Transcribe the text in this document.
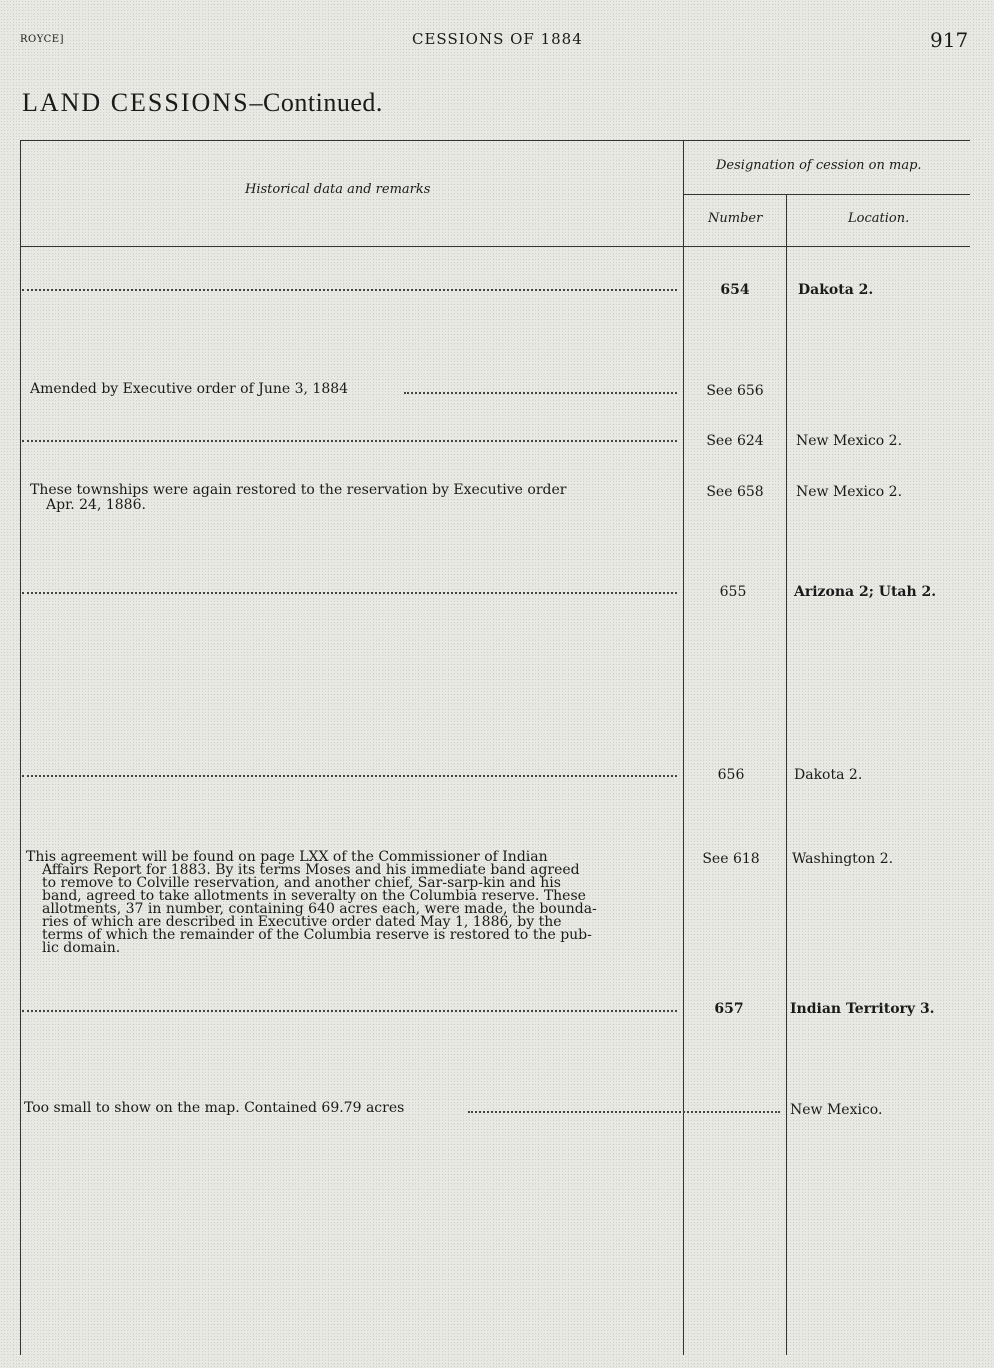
ROYCE]	CESSIONS OF 1884	917
LAND CESSIONS–Continued.
Historical data and remarks
Designation of cession on map.
Number	Location.
654	Dakota 2.
Amended by Executive order of June 3, 1884	See 656
See 624	New Mexico 2.
These townships were again restored to the reservation by Executive order
Apr. 24, 1886.
See 658	New Mexico 2.
655	Arizona 2; Utah 2.
656	Dakota 2.
This agreement will be found on page LXX of the Commissioner of Indian
Affairs Report for 1883. By its terms Moses and his immediate band agreed
to remove to Colville reservation, and another chief, Sar-sarp-kin and his
band, agreed to take allotments in severalty on the Columbia reserve. These
allotments, 37 in number, containing 640 acres each, were made, the bounda-
ries of which are described in Executive order dated May 1, 1886, by the
terms of which the remainder of the Columbia reserve is restored to the pub-
lic domain.
See 618	Washington 2.
657	Indian Territory 3.
Too small to show on the map. Contained 69.79 acres	New Mexico.
